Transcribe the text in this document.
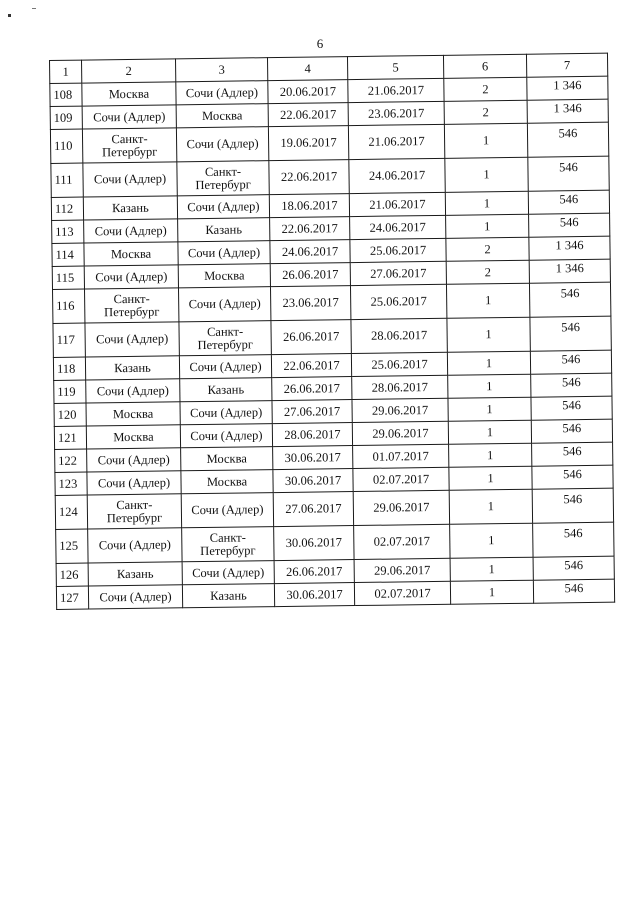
6
1	2	3	4	5	6	7
108	Москва	Сочи (Адлер)	20.06.2017	21.06.2017	2	1 346
109	Сочи (Адлер)	Москва	22.06.2017	23.06.2017	2	1 346
110	Санкт-Петербург	Сочи (Адлер)	19.06.2017	21.06.2017	1	546
111	Сочи (Адлер)	Санкт-Петербург	22.06.2017	24.06.2017	1	546
112	Казань	Сочи (Адлер)	18.06.2017	21.06.2017	1	546
113	Сочи (Адлер)	Казань	22.06.2017	24.06.2017	1	546
114	Москва	Сочи (Адлер)	24.06.2017	25.06.2017	2	1 346
115	Сочи (Адлер)	Москва	26.06.2017	27.06.2017	2	1 346
116	Санкт-Петербург	Сочи (Адлер)	23.06.2017	25.06.2017	1	546
117	Сочи (Адлер)	Санкт-Петербург	26.06.2017	28.06.2017	1	546
118	Казань	Сочи (Адлер)	22.06.2017	25.06.2017	1	546
119	Сочи (Адлер)	Казань	26.06.2017	28.06.2017	1	546
120	Москва	Сочи (Адлер)	27.06.2017	29.06.2017	1	546
121	Москва	Сочи (Адлер)	28.06.2017	29.06.2017	1	546
122	Сочи (Адлер)	Москва	30.06.2017	01.07.2017	1	546
123	Сочи (Адлер)	Москва	30.06.2017	02.07.2017	1	546
124	Санкт-Петербург	Сочи (Адлер)	27.06.2017	29.06.2017	1	546
125	Сочи (Адлер)	Санкт-Петербург	30.06.2017	02.07.2017	1	546
126	Казань	Сочи (Адлер)	26.06.2017	29.06.2017	1	546
127	Сочи (Адлер)	Казань	30.06.2017	02.07.2017	1	546
